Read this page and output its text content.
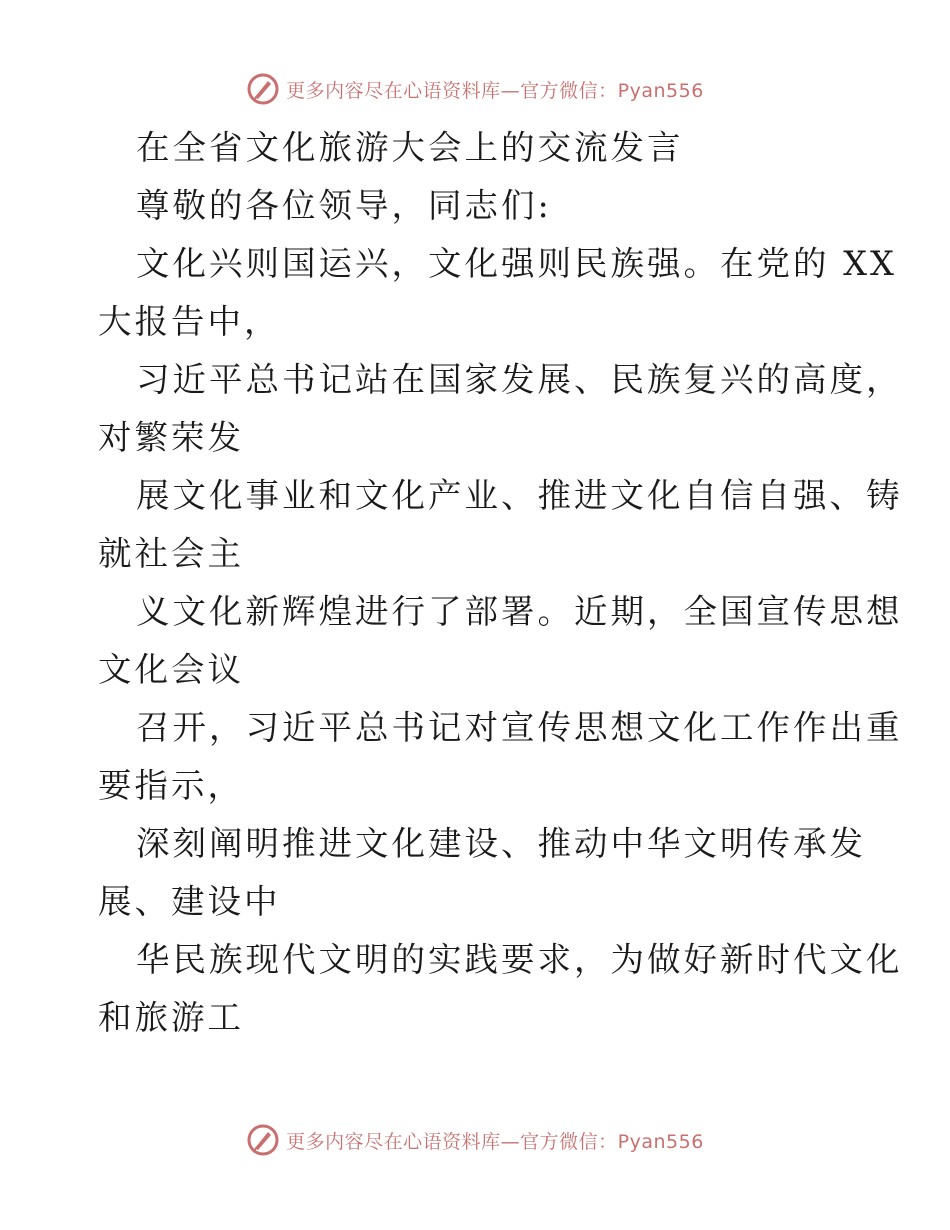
更多内容尽在心语资料库—官方微信：Pyan556
在全省文化旅游大会上的交流发言
尊敬的各位领导，同志们:
文化兴则国运兴，文化强则民族强。在党的 XX
大报告中，
习近平总书记站在国家发展、民族复兴的高度，
对繁荣发
展文化事业和文化产业、推进文化自信自强、铸
就社会主
义文化新辉煌进行了部署。近期，全国宣传思想
文化会议
召开，习近平总书记对宣传思想文化工作作出重
要指示，
深刻阐明推进文化建设、推动中华文明传承发
展、建设中
华民族现代文明的实践要求，为做好新时代文化
和旅游工
更多内容尽在心语资料库—官方微信：Pyan556
